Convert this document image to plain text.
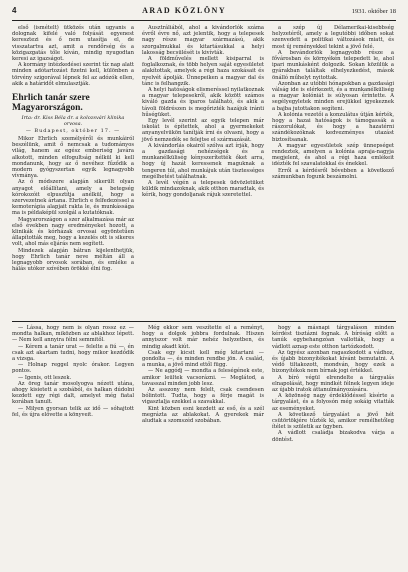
4	ARAD KÖZLÖNY	1931. október 18

első (ismételt) ütközés után ugyanis a dolognak kifelé való folyását egyenest keresztezi és ő nem utasítja el, de visszatartva azt, amit a rendőrség és a közigazgatás tőle kíván, mindig nyugodtan keresi az igazságot.

A kormány intézkedései szerint tíz nap alatt minden adótartozást fizetni kell, különben a törvény szigorával lépnek fel az adózók ellen, akik a határidőt elmulasztják.

Ehrlich tanár szere Magyarországon.

Irta: dr. Kiss Béla dr. a kolozsvári klinika orvosa.

— Budapest, október 17. —

Mikor Ehrlich személyéről és munkáiról beszélünk, amit ő nemcsak a tudományos világ, hanem az egész emberiség javára alkotott, minden elfogultság nélkül ki kell mondanunk, hogy az ő nevéhez fűződik a modern gyógyszertan egyik legnagyobb vívmánya.

Az ő módszere alapján sikerült olyan anyagot előállítani, amely a betegség kórokozóit elpusztítja anélkül, hogy a szervezetnek ártana. Ehrlich e felfedezéssel a kemoterápia alapjait rakta le, és munkássága ma is példaképül szolgál a kutatóknak.

Magyarországon a szer alkalmazása már az első években nagy eredményeket hozott, a klinikák és kórházak orvosai egyöntetűen állapították meg, hogy a kezelés ott is sikeres volt, ahol más eljárás nem segített.

Mindezek alapján bátran kijelenthetjük, hogy Ehrlich tanár neve méltán áll a legnagyobb orvosok sorában, és emléke a hálás utókor szívében örökké élni fog.

Ausztráliából, ahol a kivándorlók száma évről évre nő, azt jelentik, hogy a telepesek nagy része magyar származású, akik szorgalmukkal és kitartásukkal a helyi lakosság becsülését is kivívták.

A földművelés mellett kisiparral is foglalkoznak, és több helyen saját egyesületet alakítottak, amelyek a régi haza szokásait és nyelvét ápolják. Ünnepeiken a magyar dal és tánc is felhangzik.

A helyi hatóságok elismeréssel nyilatkoznak a magyar telepesekről, akik között számos kiváló gazda és iparos található, és akik a távoli földrészen is megőrizték hazájuk iránti hűségüket.

Egy levél szerint az egyik telepen már iskolát is építettek, ahol a gyermekeket anyanyelvükön tanítják írni és olvasni, hogy a jövő nemzedék se felejtse el származását.

A kivándorlás okairól szólva azt írják, hogy a gazdasági nehézségek és a munkanélküliség kényszerítették őket arra, hogy új hazát keressenek maguknak a tengeren túl, ahol munkájuk után tisztességes megélhetést találhatnak.

A levél végén a telepesek üdvözletüket küldik mindazoknak, akik otthon maradtak, és kérik, hogy gondoljanak rájuk szeretettel.

a szép új Délamerikai-kisebbség helyzetéről, amely a legutóbbi időben sokat szenvedett a politikai változások miatt, és most új reményekkel tekint a jövő felé.

A bevándorlók legnagyobb része a fővárosban és környékén telepedett le, ahol ipari munkásként dolgozik. Sokan közülük a gyárakban találtak elhelyezkedést, mások önálló műhelyt nyitottak.

Azonban az utóbbi hónapokban a gazdasági válság ide is elérkezett, és a munkanélküliség a magyar kolóniát is súlyosan érintette. A segélyegyletek minden erejükkel igyekeznek a bajba jutottakon segíteni.

A kolónia vezetői a konzulátus útján kérték, hogy a hazai hatóságok is támogassák a rászorulókat, és hogy a hazatérni szándékozóknak kedvezményes utazást biztosítsanak.

A magyar egyesületek szép ünnepséget rendeztek, amelyen a kolónia apraja-nagyja megjelent, és ahol a régi haza emlékeit idézték fel szavalatokkal és énekkel.

Erről a kérdésről bővebben a következő számunkban fogunk beszámolni.

— Lássa, hogy nem is olyan rossz ez — mondta halkan, miközben az ablakhoz lépett. — Nem kell annyira félni semmitől.

— Kérem a tanár urat — felelte a fiú —, én csak azt akartam tudni, hogy mikor kezdődik a vizsga.

— Holnap reggel nyolc órakor. Legyen pontos.

— Igenis, ott leszek.

Az öreg tanár mosolyogva nézett utána, ahogy kisietett a szobából, és halkan dúdolni kezdett egy régi dalt, amelyet még fiatal korában tanult.

— Milyen gyorsan telik az idő — sóhajtott fel, és újra elővette a könyveit.

Még ekkor sem veszítette el a reményt, hogy a dolgok jobbra fordulnak. Hiszen annyiszor volt már nehéz helyzetben, és mindig akadt kiút.

Csak egy kicsit kell még kitartani — gondolta —, és minden rendbe jön. A család, a munka, a jövő mind ettől függ.

— Ne aggódj — mondta a feleségének este, amikor leültek vacsorázni. — Meglátod, a tavasszal minden jobb lesz.

Az asszony nem felelt, csak csendesen bólintott. Tudta, hogy a férje magát is vigasztalja ezekkel a szavakkal.

Kint közben esni kezdett az eső, és a szél megrázta az ablakokat. A gyerekek már aludtak a szomszéd szobában.

hogy a másnapi tárgyaláson minden kérdést tisztázni fognak. A bíróság előtt a tanúk egybehangzóan vallották, hogy a vádlott aznap este otthon tartózkodott.

Az ügyész azonban ragaszkodott a vádhoz, és újabb bizonyítékokat kívánt bemutatni. A védő tiltakozott, mondván, hogy ezek a bizonyítékok nem bírnak jogi értékkel.

A bíró végül elrendelte a tárgyalás elnapolását, hogy mindkét félnek legyen ideje az újabb iratok áttanulmányozására.

A közönség nagy érdeklődéssel kísérte a tárgyalást, és a folyosón még sokáig vitatták az eseményeket.

A következő tárgyalást a jövő hét csütörtökjére tűzték ki, amikor remélhetőleg ítélet is születik az ügyben.

A vádlott családja bizakodva várja a döntést.
